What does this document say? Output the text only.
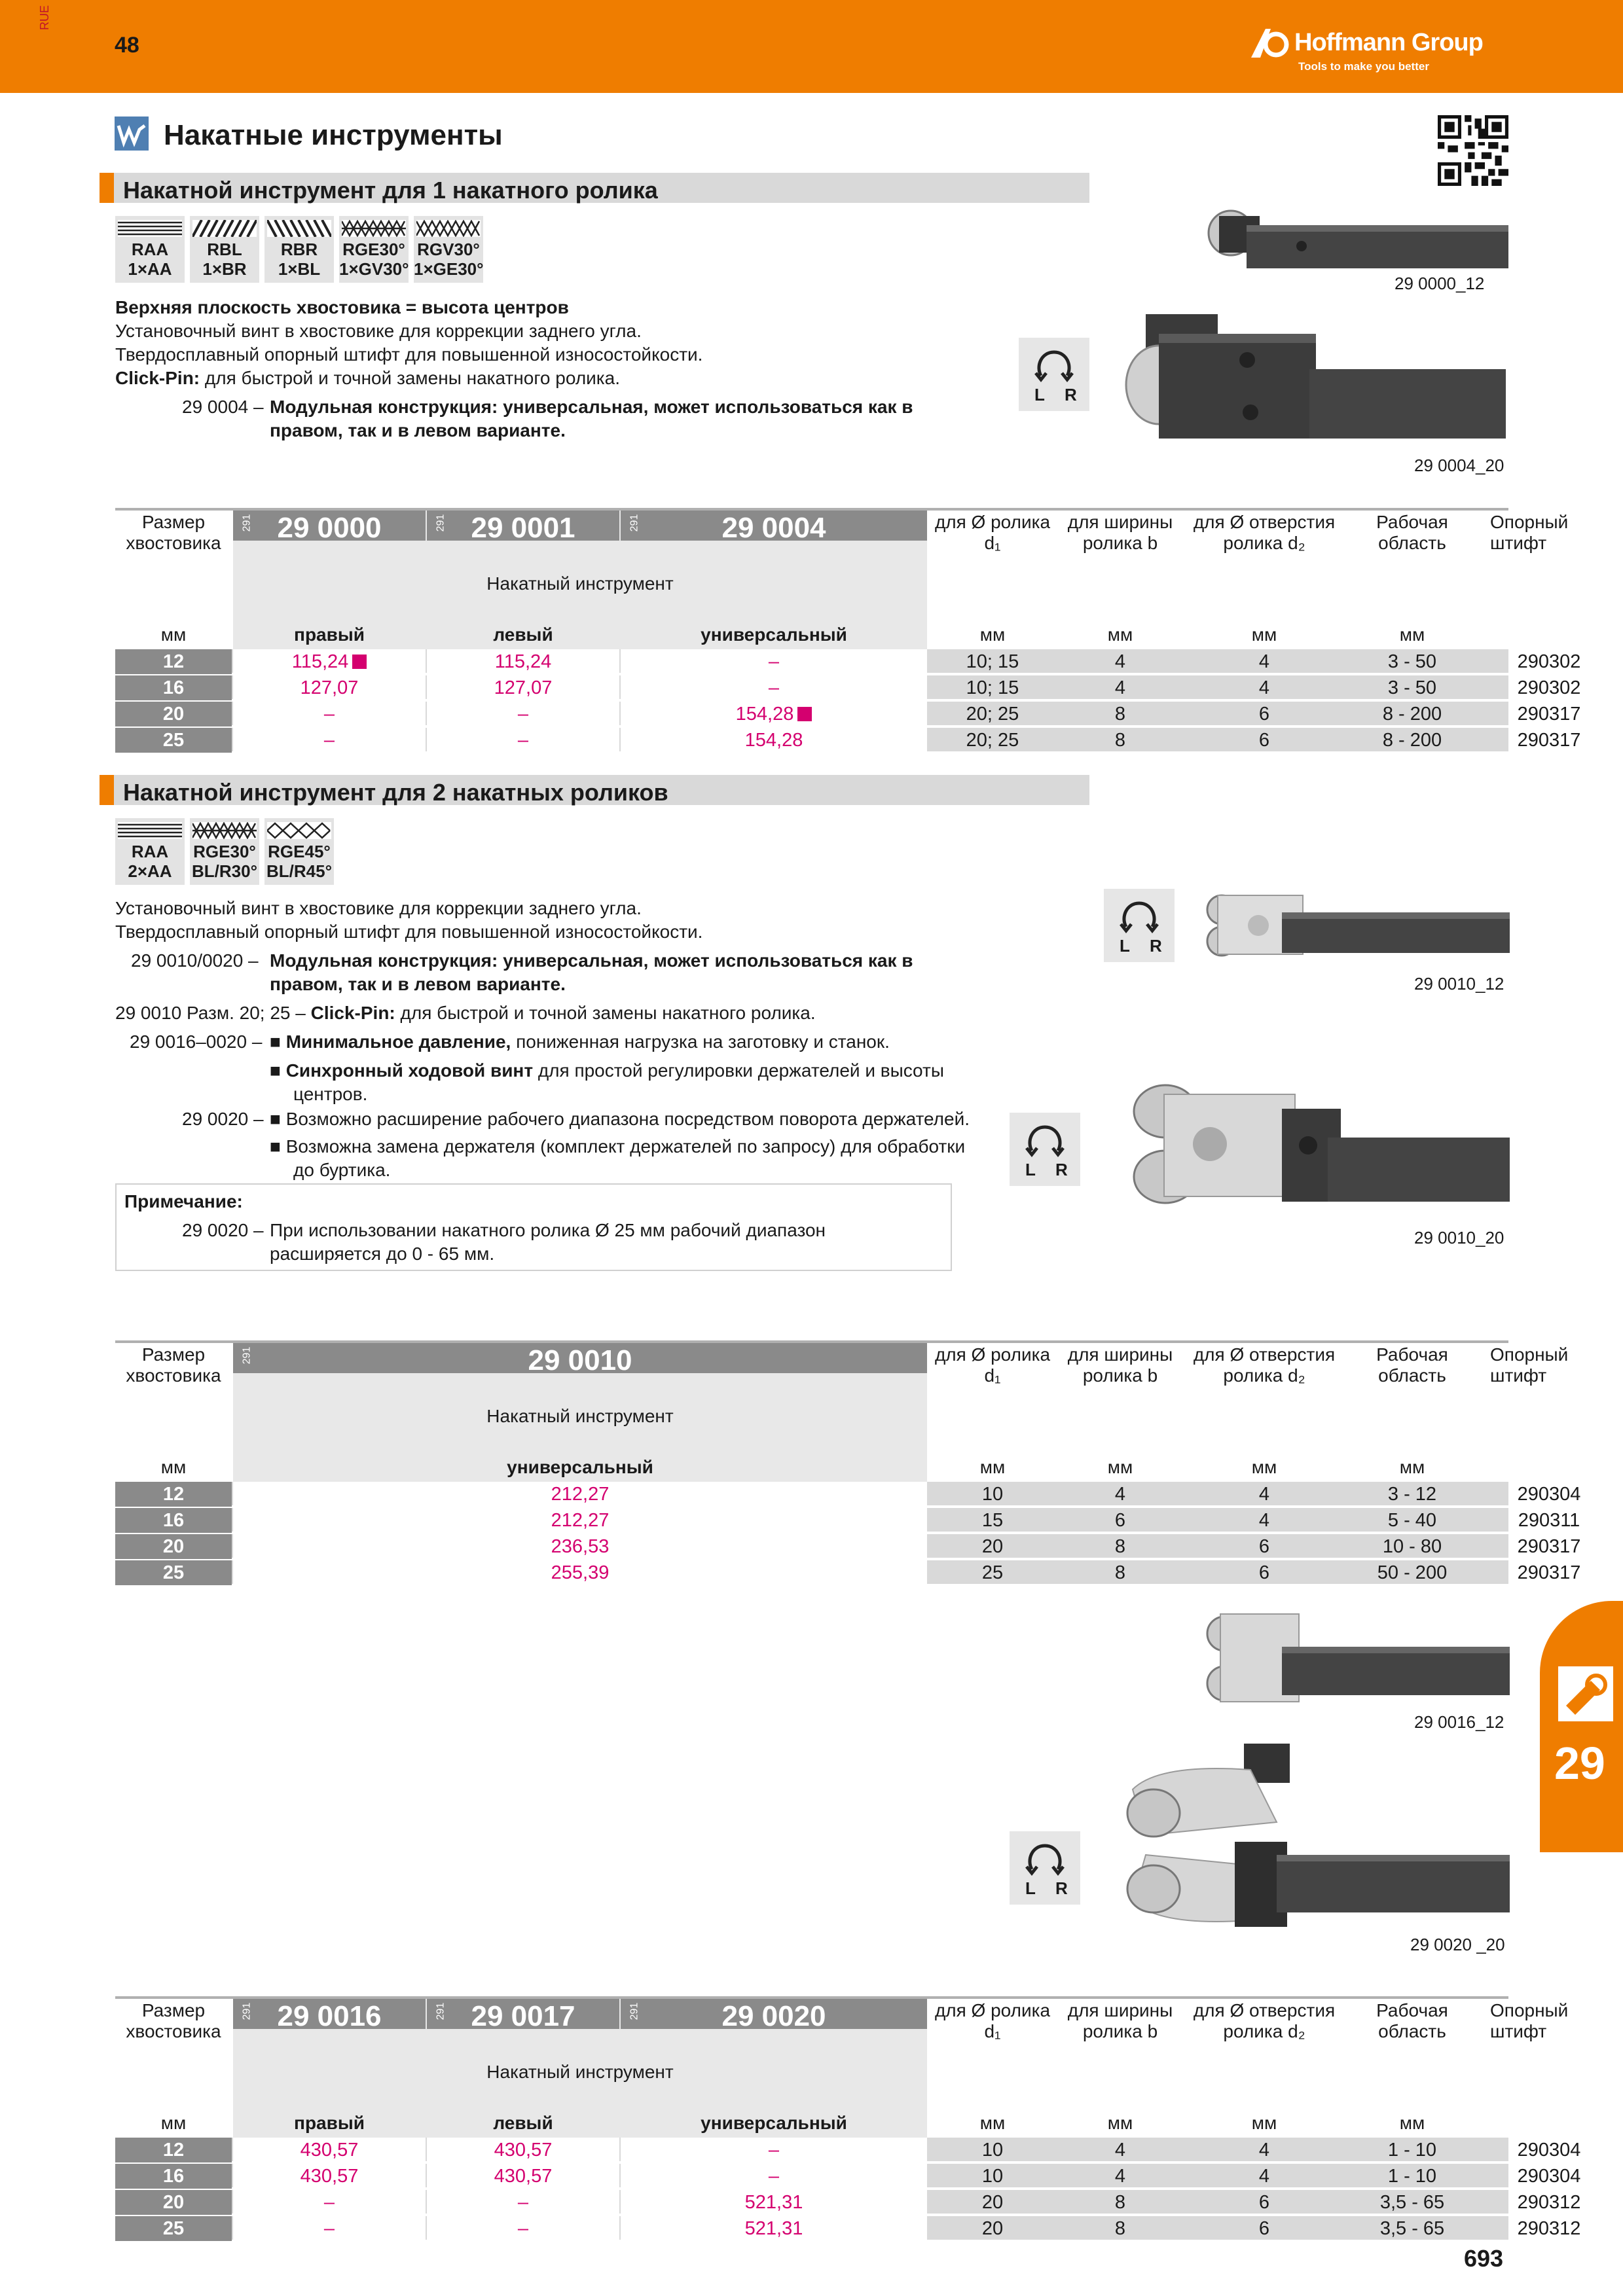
RUE
48	Hoffmann Group
Tools to make you better
Накатные инструменты
Накатной инструмент для 1 накатного ролика
RAA
1×AA
RBL
1×BR
RBR
1×BL
RGE30°
1×GV30°
RGV30°
1×GE30°
Верхняя плоскость хвостовика = высота центров
Установочный винт в хвостовике для коррекции заднего угла.
Твердосплавный опорный штифт для повышенной износостойкости.
Click-Pin: для быстрой и точной замены накатного ролика.
29 0004 – Модульная конструкция: универсальная, может использоваться как в
правом, так и в левом варианте.
L R
29 0000_12
29 0004_20
Размер хвостовика
291 29 0000	291 29 0001	291	29 0004
Накатный инструмент
для Ø ролика d₁
для ширины ролика b
для Ø отверстия ролика d₂
Рабочая область
Опорный штифт
мм	правый	левый	универсальный	мм	мм	мм	мм
12	115,24	115,24	–	10; 15	4	4	3 - 50	290302
16	127,07	127,07	–	10; 15	4	4	3 - 50	290302
20	–	–	154,28	20; 25	8	6	8 - 200	290317
25	–	–	154,28	20; 25	8	6	8 - 200	290317
Накатной инструмент для 2 накатных роликов
RAA
2×AA
RGE30°
BL/R30°
RGE45°
BL/R45°
Установочный винт в хвостовике для коррекции заднего угла.
Твердосплавный опорный штифт для повышенной износостойкости.
29 0010/0020 – Модульная конструкция: универсальная, может использоваться как в
правом, так и в левом варианте.
29 0010 Разм. 20; 25 – Click-Pin: для быстрой и точной замены накатного ролика.
29 0016–0020 – ■ Минимальное давление, пониженная нагрузка на заготовку и станок.
■ Синхронный ходовой винт для простой регулировки держателей и высоты
центров.
29 0020 – ■ Возможно расширение рабочего диапазона посредством поворота держателей.
■ Возможна замена держателя (комплект держателей по запросу) для обработки
до буртика.
Примечание:
29 0020 – При использовании накатного ролика Ø 25 мм рабочий диапазон
расширяется до 0 - 65 мм.
L R
L R
29 0010_12
29 0010_20
Размер хвостовика
291	29 0010
Накатный инструмент
для Ø ролика d₁
для ширины ролика b
для Ø отверстия ролика d₂
Рабочая область
Опорный штифт
мм	универсальный	мм	мм	мм	мм
12	212,27	10	4	4	3 - 12	290304
16	212,27	15	6	4	5 - 40	290311
20	236,53	20	8	6	10 - 80	290317
25	255,39	25	8	6	50 - 200	290317
29 0016_12
L R
29 0020 _20
29
Размер хвостовика
291 29 0016	291 29 0017	291	29 0020
Накатный инструмент
для Ø ролика d₁
для ширины ролика b
для Ø отверстия ролика d₂
Рабочая область
Опорный штифт
мм	правый	левый	универсальный	мм	мм	мм	мм
12	430,57	430,57	–	10	4	4	1 - 10	290304
16	430,57	430,57	–	10	4	4	1 - 10	290304
20	–	–	521,31	20	8	6	3,5 - 65	290312
25	–	–	521,31	20	8	6	3,5 - 65	290312
693
